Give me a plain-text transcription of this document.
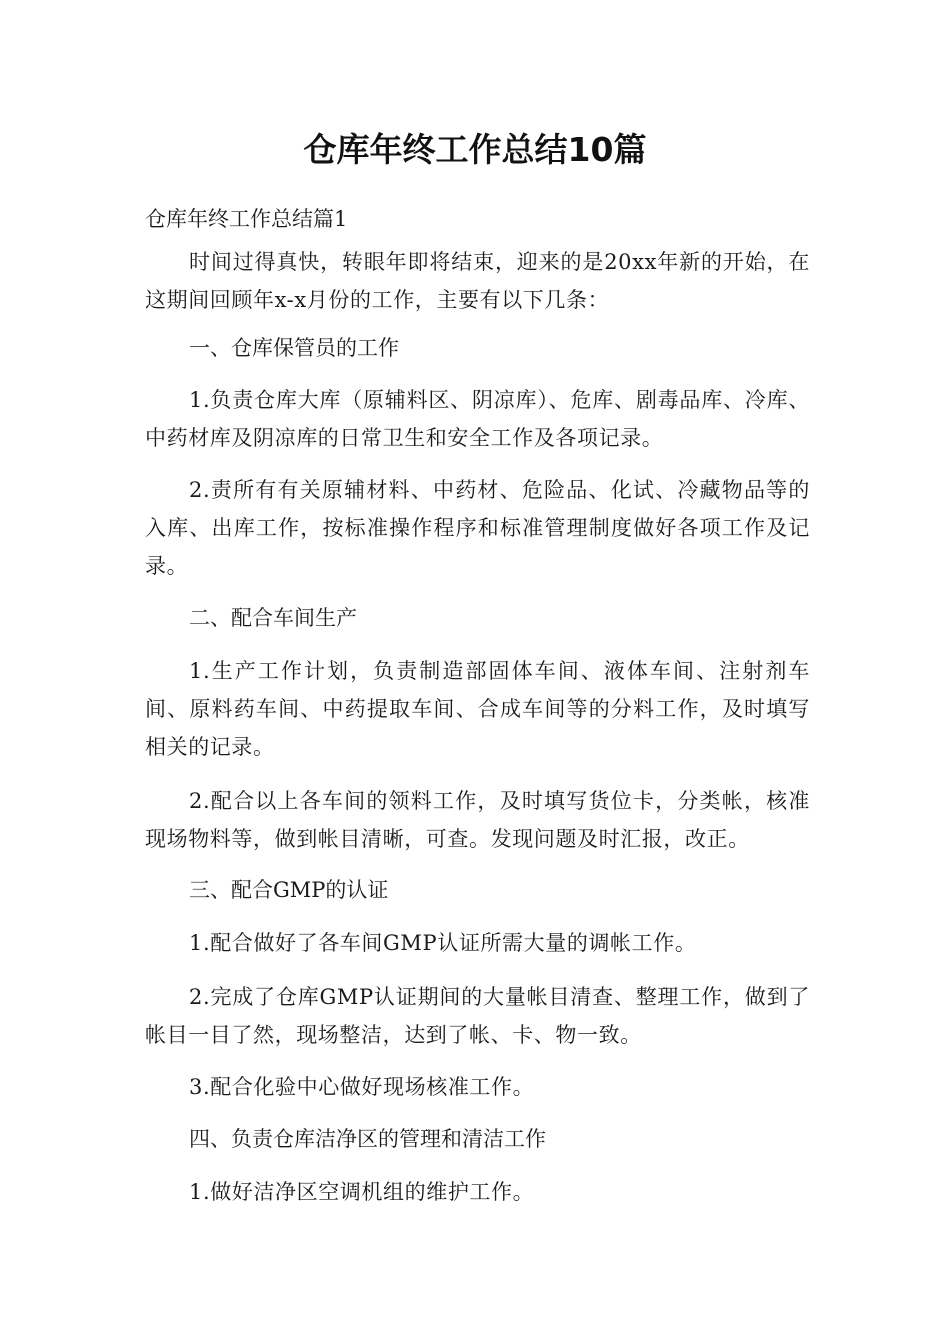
仓库年终工作总结10篇

仓库年终工作总结篇1

时间过得真快，转眼年即将结束，迎来的是20xx年新的开始，在这期间回顾年x-x月份的工作，主要有以下几条：

一、仓库保管员的工作

1.负责仓库大库（原辅料区、阴凉库）、危库、剧毒品库、冷库、中药材库及阴凉库的日常卫生和安全工作及各项记录。

2.责所有有关原辅材料、中药材、危险品、化试、冷藏物品等的入库、出库工作，按标准操作程序和标准管理制度做好各项工作及记录。

二、配合车间生产

1.生产工作计划，负责制造部固体车间、液体车间、注射剂车间、原料药车间、中药提取车间、合成车间等的分料工作，及时填写相关的记录。

2.配合以上各车间的领料工作，及时填写货位卡，分类帐，核准现场物料等，做到帐目清晰，可查。发现问题及时汇报，改正。

三、配合GMP的认证

1.配合做好了各车间GMP认证所需大量的调帐工作。

2.完成了仓库GMP认证期间的大量帐目清查、整理工作，做到了帐目一目了然，现场整洁，达到了帐、卡、物一致。

3.配合化验中心做好现场核准工作。

四、负责仓库洁净区的管理和清洁工作

1.做好洁净区空调机组的维护工作。
